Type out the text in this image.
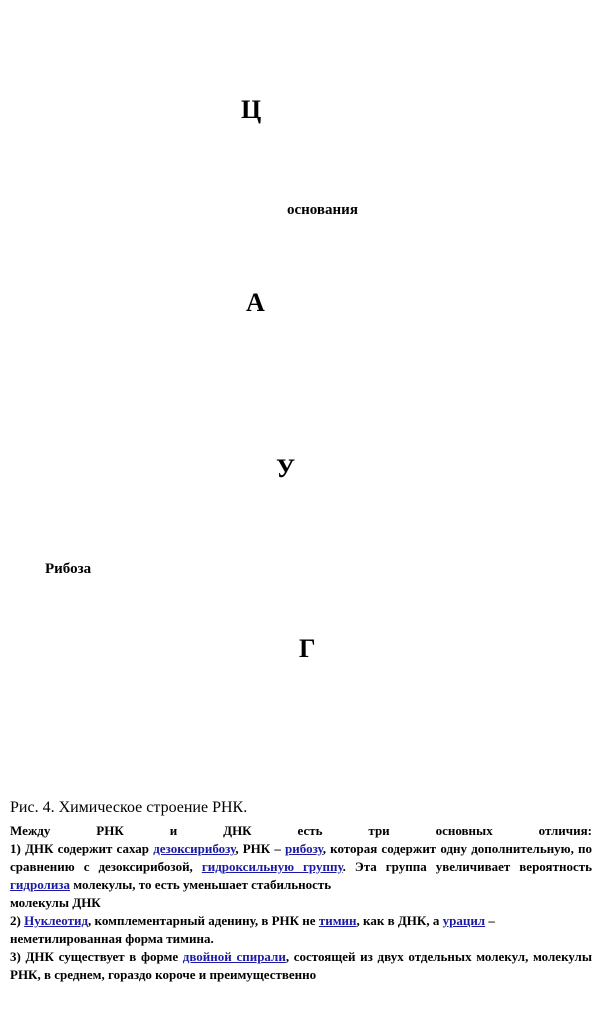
Ц
основания
А
У
Рибоза
Г
Рис. 4. Химическое строение РНК.

Между РНК и ДНК есть три основных отличия:

1) ДНК содержит сахар дезоксирибозу, РНК – рибозу, которая содержит одну дополнительную, по сравнению с дезоксирибозой, гидроксильную группу. Эта группа увеличивает вероятность гидролиза молекулы, то есть уменьшает стабильность

молекулы ДНК

2) Нуклеотид, комплементарный аденину, в РНК не тимин, как в ДНК, а урацил –

неметилированная форма тимина.

3) ДНК существует в форме двойной спирали, состоящей из двух отдельных молекул, молекулы РНК, в среднем, гораздо короче и преимущественно
